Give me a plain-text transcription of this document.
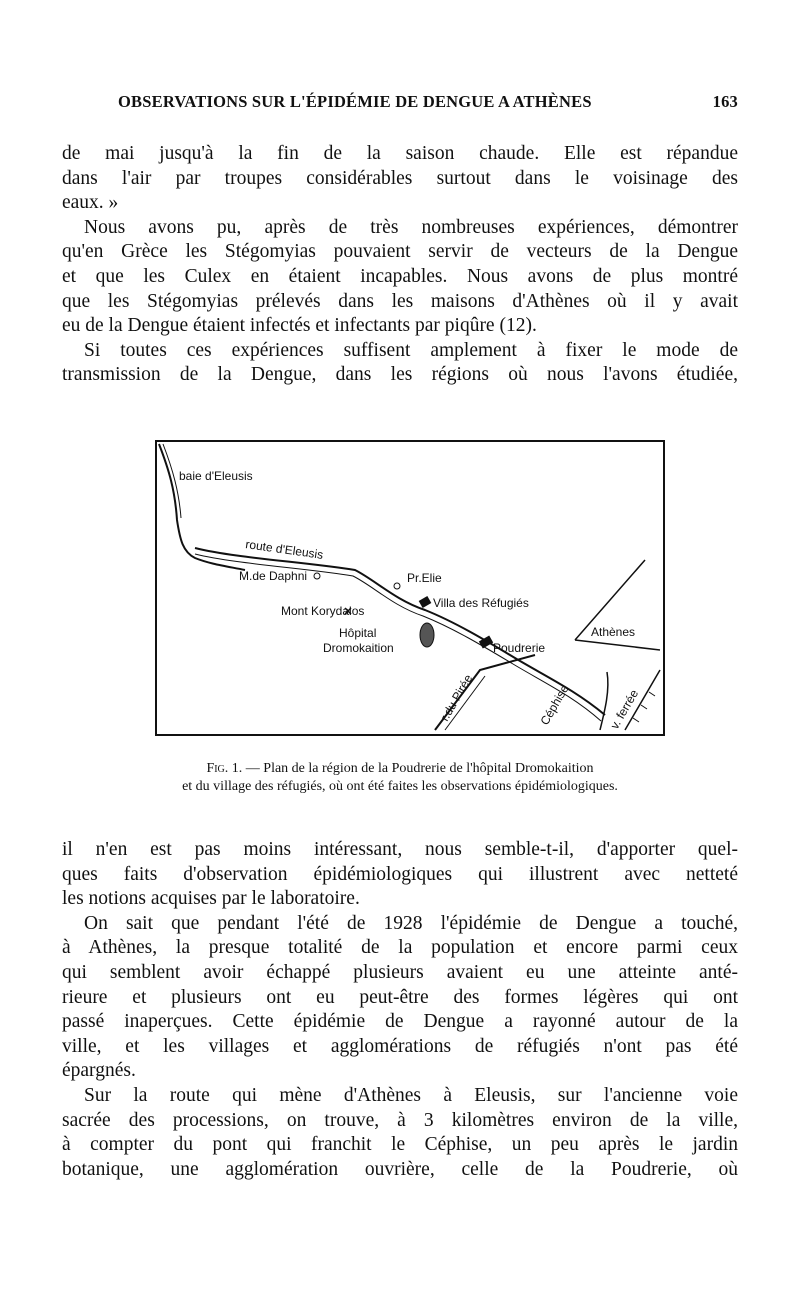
OBSERVATIONS SUR L'ÉPIDÉMIE DE DENGUE A ATHÈNES	163
de mai jusqu'à la fin de la saison chaude. Elle est répandue
dans l'air par troupes considérables surtout dans le voisinage des
eaux. »
Nous avons pu, après de très nombreuses expériences, démontrer
qu'en Grèce les Stégomyias pouvaient servir de vecteurs de la Dengue
et que les Culex en étaient incapables. Nous avons de plus montré
que les Stégomyias prélevés dans les maisons d'Athènes où il y avait
eu de la Dengue étaient infectés et infectants par piqûre (12).
Si toutes ces expériences suffisent amplement à fixer le mode de
transmission de la Dengue, dans les régions où nous l'avons étudiée,
baie d'Eleusis
route d'Eleusis
M.de Daphni	Pr.Elie
Mont Korydalos
Villa des Réfugiés
Hôpital
Dromokaition	Poudrerie
Athènes
r.du Pirée	Céphise	v. ferrée
Fig. 1. — Plan de la région de la Poudrerie de l'hôpital Dromokaition
et du village des réfugiés, où ont été faites les observations épidémiologiques.
il n'en est pas moins intéressant, nous semble-t-il, d'apporter quel-
ques faits d'observation épidémiologiques qui illustrent avec netteté
les notions acquises par le laboratoire.
On sait que pendant l'été de 1928 l'épidémie de Dengue a touché,
à Athènes, la presque totalité de la population et encore parmi ceux
qui semblent avoir échappé plusieurs avaient eu une atteinte anté-
rieure et plusieurs ont eu peut-être des formes légères qui ont
passé inaperçues. Cette épidémie de Dengue a rayonné autour de la
ville, et les villages et agglomérations de réfugiés n'ont pas été
épargnés.
Sur la route qui mène d'Athènes à Eleusis, sur l'ancienne voie
sacrée des processions, on trouve, à 3 kilomètres environ de la ville,
à compter du pont qui franchit le Céphise, un peu après le jardin
botanique, une agglomération ouvrière, celle de la Poudrerie, où
